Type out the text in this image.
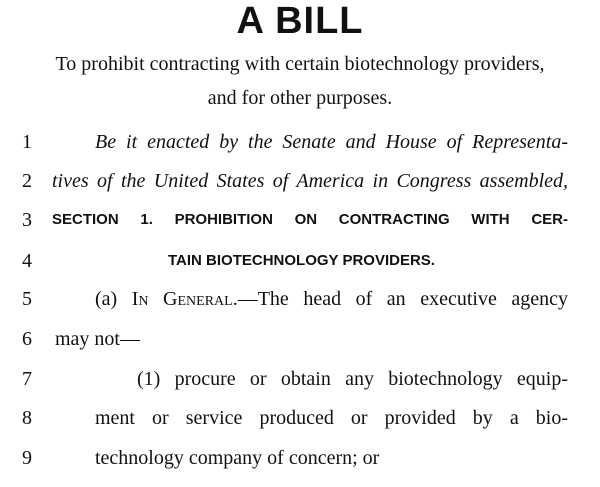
A BILL
To prohibit contracting with certain biotechnology providers,
and for other purposes.
1	Be it enacted by the Senate and House of Representa-
2	tives of the United States of America in Congress assembled,
3	SECTION 1. PROHIBITION ON CONTRACTING WITH CER-
4	TAIN BIOTECHNOLOGY PROVIDERS.
5	(a) In General.—The head of an executive agency
6	may not—
7	(1) procure or obtain any biotechnology equip-
8	ment or service produced or provided by a bio-
9	technology company of concern; or
